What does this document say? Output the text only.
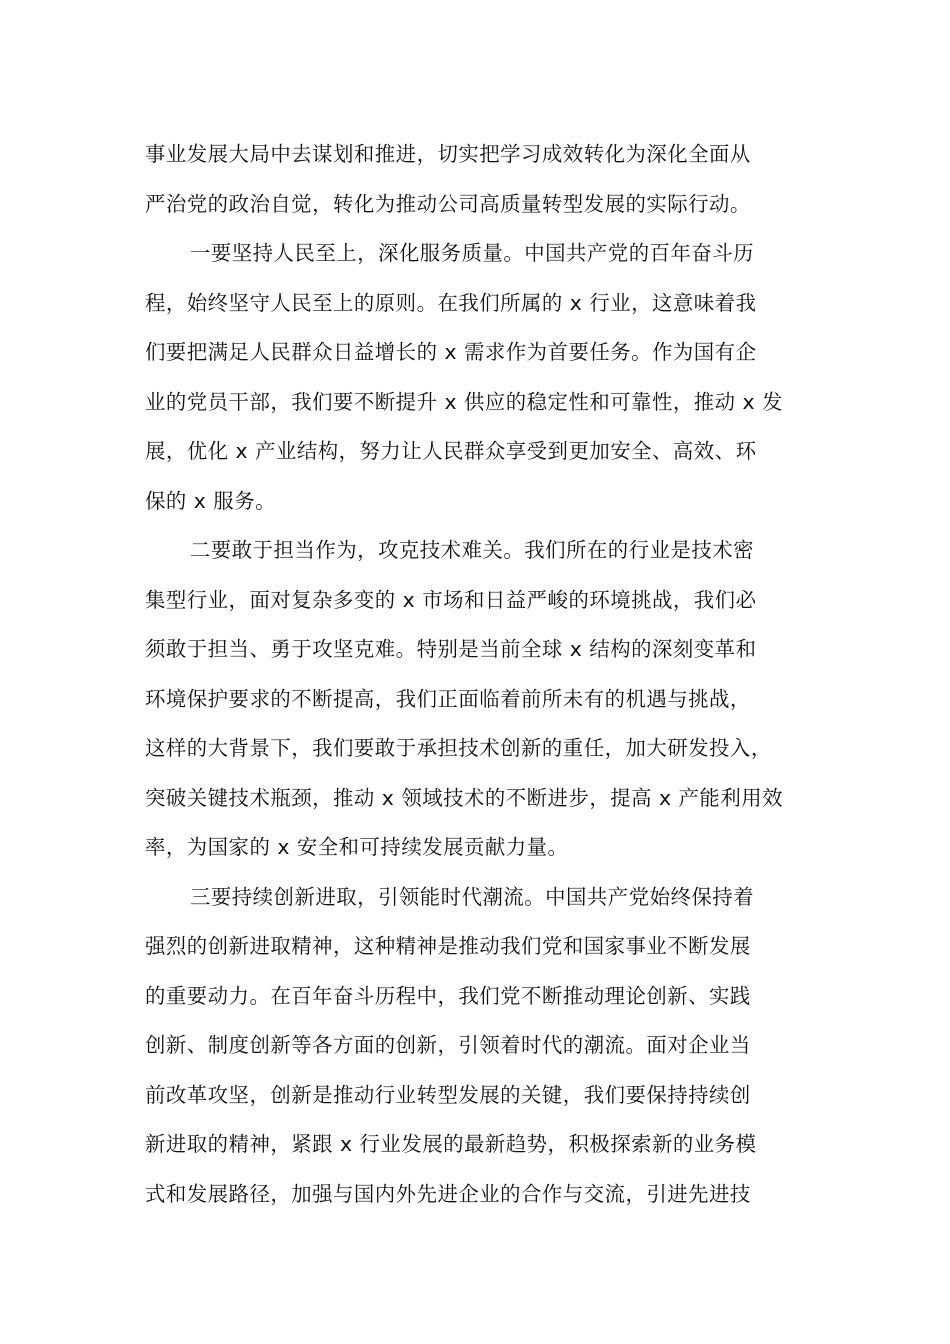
事业发展大局中去谋划和推进，切实把学习成效转化为深化全面从
严治党的政治自觉，转化为推动公司高质量转型发展的实际行动。
一要坚持人民至上，深化服务质量。中国共产党的百年奋斗历
程，始终坚守人民至上的原则。在我们所属的 x 行业，这意味着我
们要把满足人民群众日益增长的 x 需求作为首要任务。作为国有企
业的党员干部，我们要不断提升 x 供应的稳定性和可靠性，推动 x 发
展，优化 x 产业结构，努力让人民群众享受到更加安全、高效、环
保的 x 服务。
二要敢于担当作为，攻克技术难关。我们所在的行业是技术密
集型行业，面对复杂多变的 x 市场和日益严峻的环境挑战，我们必
须敢于担当、勇于攻坚克难。特别是当前全球 x 结构的深刻变革和
环境保护要求的不断提高，我们正面临着前所未有的机遇与挑战，
这样的大背景下，我们要敢于承担技术创新的重任，加大研发投入，
突破关键技术瓶颈，推动 x 领域技术的不断进步，提高 x 产能利用效
率，为国家的 x 安全和可持续发展贡献力量。
三要持续创新进取，引领能时代潮流。中国共产党始终保持着
强烈的创新进取精神，这种精神是推动我们党和国家事业不断发展
的重要动力。在百年奋斗历程中，我们党不断推动理论创新、实践
创新、制度创新等各方面的创新，引领着时代的潮流。面对企业当
前改革攻坚，创新是推动行业转型发展的关键，我们要保持持续创
新进取的精神，紧跟 x 行业发展的最新趋势，积极探索新的业务模
式和发展路径，加强与国内外先进企业的合作与交流，引进先进技
